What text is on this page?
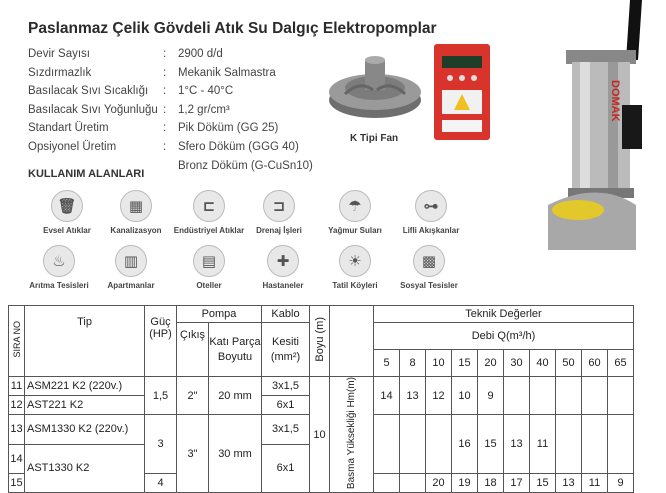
Paslanmaz Çelik Gövdeli Atık Su Dalgıç Elektropomplar
Devir Sayısı	:	2900 d/d
Sızdırmazlık	:	Mekanik Salmastra
Basılacak Sıvı Sıcaklığı	:	1°C - 40°C
Basılacak Sıvı Yoğunluğu :	1,2 gr/cm³
Standart Üretim	:	Pik Döküm (GG 25)
Opsiyonel Üretim	:	Sfero Döküm (GGG 40)
Bronz Döküm (G-CuSn10)
K Tipi Fan
DOMAK
KULLANIM ALANLARI
🗑
Evsel Atıklar
▦
Kanalizasyon
⊏
Endüstriyel Atıklar
⊐
Drenaj İşleri
☂
Yağmur Suları
⊶
Lifli Akışkanlar
♨
Arıtma Tesisleri
▥
Apartmanlar
▤
Oteller
✚
Hastaneler
☀
Tatil Köyleri
▩
Sosyal Tesisler
SIRA NO	Tip	Güç (HP)	Pompa		Kablo	Boyu (m)		Teknik Değerler									
			Çıkış	Katı Parça Boyutu	Kesiti (mm²)			Debi Q(m³/h)									
								5	8	10	15	20	30	40	50	60	65
11	ASM221 K2 (220v.)	1,5	2"	20 mm	3x1,5	10	Basma Yüksekliği Hm(m)	14	13	12	10	9					
12	AST221 K2				6x1												
13	ASM1330 K2 (220v.)	3	3"	30 mm	3x1,5						16	15	13	11			
14	AST1330 K2				6x1												
15		4								20	19	18	17	15	13	11	9
